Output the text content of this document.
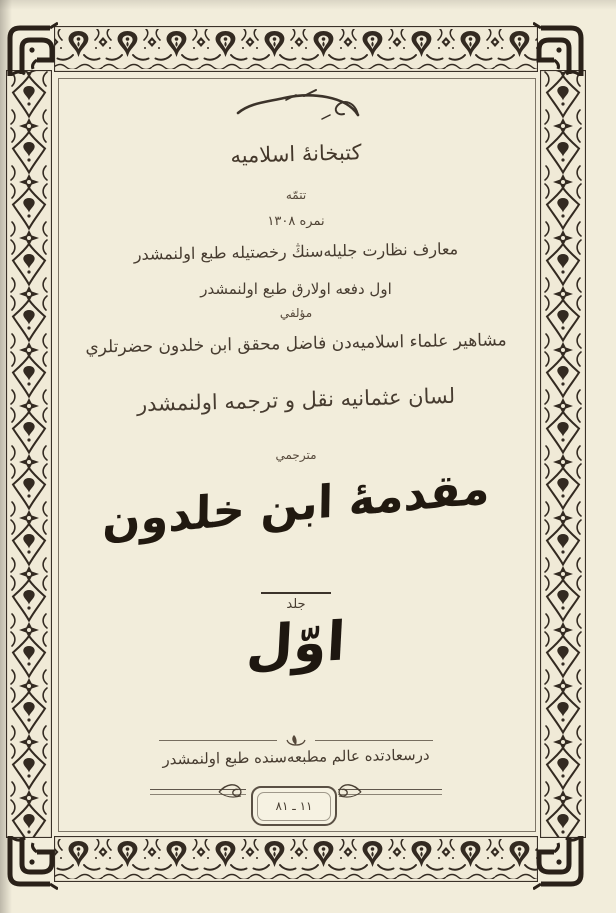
كتبخانهٔ اسلاميه
تتمّه
نمره ١٣٠٨
معارف نظارت جليله‌سنڭ رخصتيله طبع اولنمشدر
اول دفعه اولارق طبع اولنمشدر
مؤلفي
مشاهير علماء اسلاميه‌دن فاضل محقق ابن خلدون حضرتلري
لسان عثمانيه نقل و ترجمه اولنمشدر
مترجمي
مقدمهٔ ابن خلدون
جلد
اوّل
درسعادتده عالم مطبعه‌سنده طبع اولنمشدر
١١ ـ ٨١
